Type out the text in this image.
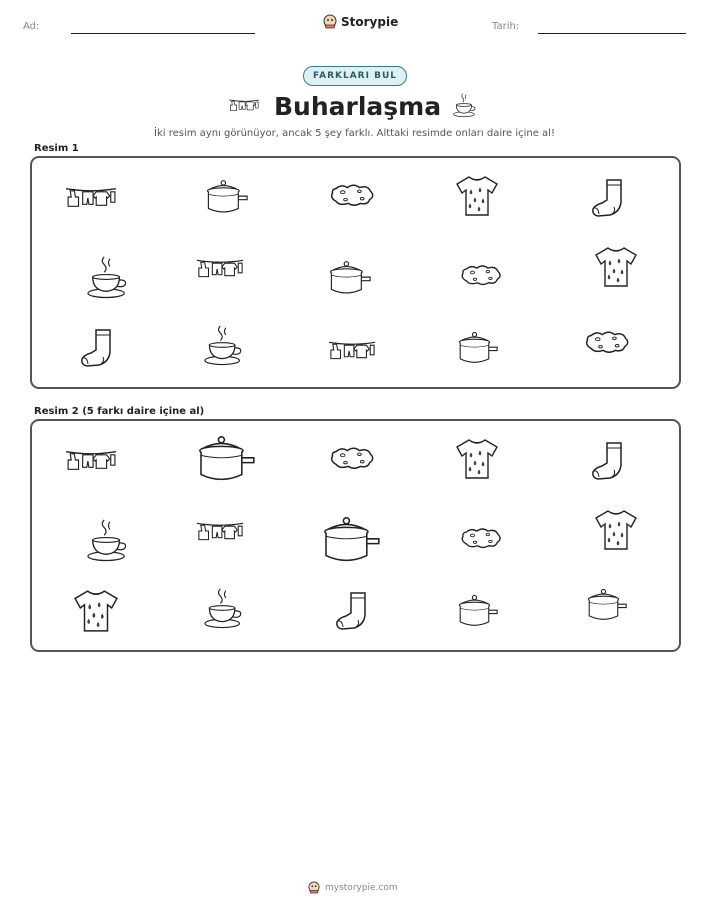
Ad:	Storypie	Tarih:
FARKLARI BUL
Buharlaşma
İki resim aynı görünüyor, ancak 5 şey farklı. Alttaki resimde onları daire içine al!
Resim 1
Resim 2 (5 farkı daire içine al)
mystorypie.com
